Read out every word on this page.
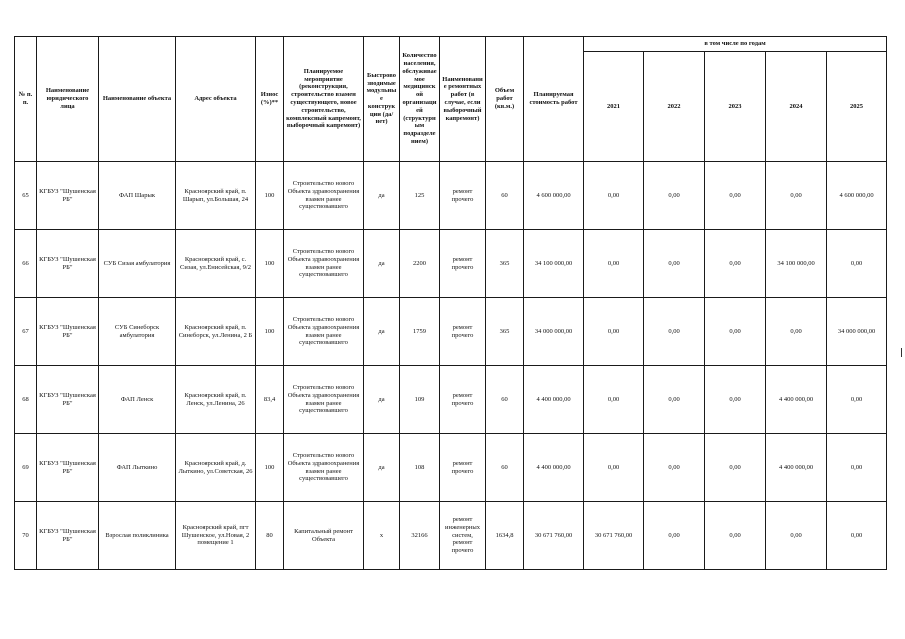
№ п. п.	Наименование юридического лица	Наименование объекта	Адрес объекта	Износ (%)**	Планируемое мероприятие (реконструкция, строительство взамен существующего, новое строительство, комплексный капремонт, выборочный капремонт)	Быстровозводимые модульные конструкции (да/нет)	Количество населения, обслуживаемое медицинской организацией (структурным подразделением)	Наименование ремонтных работ (в случае, если выборочный капремонт)	Объем работ (кв.м.)	Планируемая стоимость работ	в том числе по годам				
											2021	2022	2023	2024	2025
65	КГБУЗ "Шушенская РБ"	ФАП Шарык	Красноярский край, п. Шарып, ул.Большая, 24	100	Строительство нового Объекта здравоохранения взамен ранее существовавшего	да	125	ремонт прочего	60	4 600 000,00	0,00	0,00	0,00	0,00	4 600 000,00
66	КГБУЗ "Шушенская РБ"	СУБ Сизая амбулатория	Красноярский край, с. Сизая, ул.Енисейская, 9/2	100	Строительство нового Объекта здравоохранения взамен ранее существовавшего	да	2200	ремонт прочего	365	34 100 000,00	0,00	0,00	0,00	34 100 000,00	0,00
67	КГБУЗ "Шушенская РБ"	СУБ Синеборск амбулатория	Красноярский край, п. Синеборск, ул.Ленина, 2 Б	100	Строительство нового Объекта здравоохранения взамен ранее существовавшего	да	1759	ремонт прочего	365	34 000 000,00	0,00	0,00	0,00	0,00	34 000 000,00
68	КГБУЗ "Шушенская РБ"	ФАП Ленск	Красноярский край, п. Ленск, ул.Ленина, 26	83,4	Строительство нового Объекта здравоохранения взамен ранее существовавшего	да	109	ремонт прочего	60	4 400 000,00	0,00	0,00	0,00	4 400 000,00	0,00
69	КГБУЗ "Шушенская РБ"	ФАП Лыткино	Красноярский край, д. Лыткино, ул.Советская, 26	100	Строительство нового Объекта здравоохранения взамен ранее существовавшего	да	108	ремонт прочего	60	4 400 000,00	0,00	0,00	0,00	4 400 000,00	0,00
70	КГБУЗ "Шушенская РБ"	Взрослая поликлиника	Красноярский край, пгт Шушенское, ул.Новая, 2 помещение 1	80	Капитальный ремонт Объекта	х	32166	ремонт инженерных систем, ремонт прочего	1634,8	30 671 760,00	30 671 760,00	0,00	0,00	0,00	0,00
